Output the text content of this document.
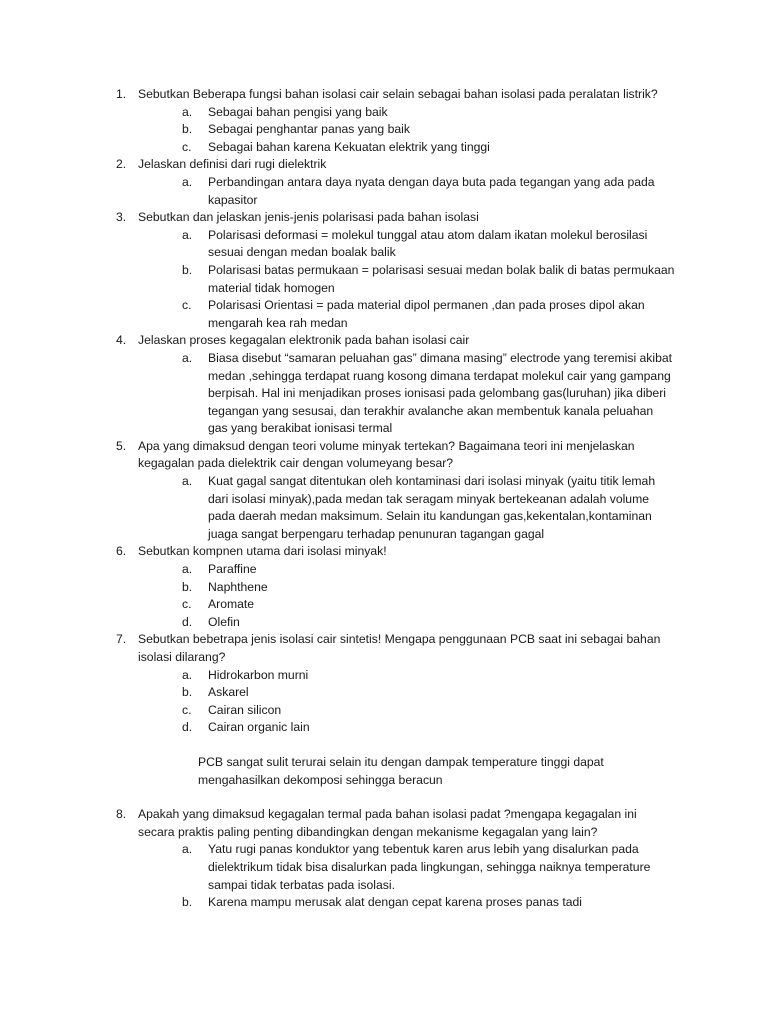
1. Sebutkan Beberapa fungsi bahan isolasi cair selain sebagai bahan isolasi pada peralatan listrik?
a. Sebagai bahan pengisi yang baik
b. Sebagai penghantar panas yang baik
c. Sebagai bahan karena Kekuatan elektrik yang tinggi
2. Jelaskan definisi dari rugi dielektrik
a. Perbandingan antara daya nyata dengan daya buta pada tegangan yang ada pada kapasitor
3. Sebutkan dan jelaskan jenis-jenis polarisasi pada bahan isolasi
a. Polarisasi deformasi = molekul tunggal atau atom dalam ikatan molekul berosilasi sesuai dengan medan boalak balik
b. Polarisasi batas permukaan = polarisasi sesuai medan bolak balik di batas permukaan material tidak homogen
c. Polarisasi Orientasi = pada material dipol permanen ,dan pada proses dipol akan mengarah kea rah medan
4. Jelaskan proses kegagalan elektronik pada bahan isolasi cair
a. Biasa disebut “samaran peluahan gas” dimana masing” electrode yang teremisi akibat medan ,sehingga terdapat ruang kosong dimana terdapat molekul cair yang gampang berpisah. Hal ini menjadikan proses ionisasi pada gelombang gas(luruhan) jika diberi tegangan yang sesusai, dan terakhir avalanche akan membentuk kanala peluahan gas yang berakibat ionisasi termal
5. Apa yang dimaksud dengan teori volume minyak tertekan? Bagaimana teori ini menjelaskan kegagalan pada dielektrik cair dengan volumeyang besar?
a. Kuat gagal sangat ditentukan oleh kontaminasi dari isolasi minyak (yaitu titik lemah dari isolasi minyak),pada medan tak seragam minyak bertekeanan adalah volume pada daerah medan maksimum. Selain itu kandungan gas,kekentalan,kontaminan juaga sangat berpengaru terhadap penunuran tagangan gagal
6. Sebutkan kompnen utama dari isolasi minyak!
a. Paraffine
b. Naphthene
c. Aromate
d. Olefin
7. Sebutkan bebetrapa jenis isolasi cair sintetis! Mengapa penggunaan PCB saat ini sebagai bahan isolasi dilarang?
a. Hidrokarbon murni
b. Askarel
c. Cairan silicon
d. Cairan organic lain

PCB sangat sulit terurai selain itu dengan dampak temperature tinggi dapat mengahasilkan dekomposi sehingga beracun

8. Apakah yang dimaksud kegagalan termal pada bahan isolasi padat ?mengapa kegagalan ini secara praktis paling penting dibandingkan dengan mekanisme kegagalan yang lain?
a. Yatu rugi panas konduktor yang tebentuk karen arus lebih yang disalurkan pada dielektrikum tidak bisa disalurkan pada lingkungan, sehingga naiknya temperature sampai tidak terbatas pada isolasi.
b. Karena mampu merusak alat dengan cepat karena proses panas tadi
